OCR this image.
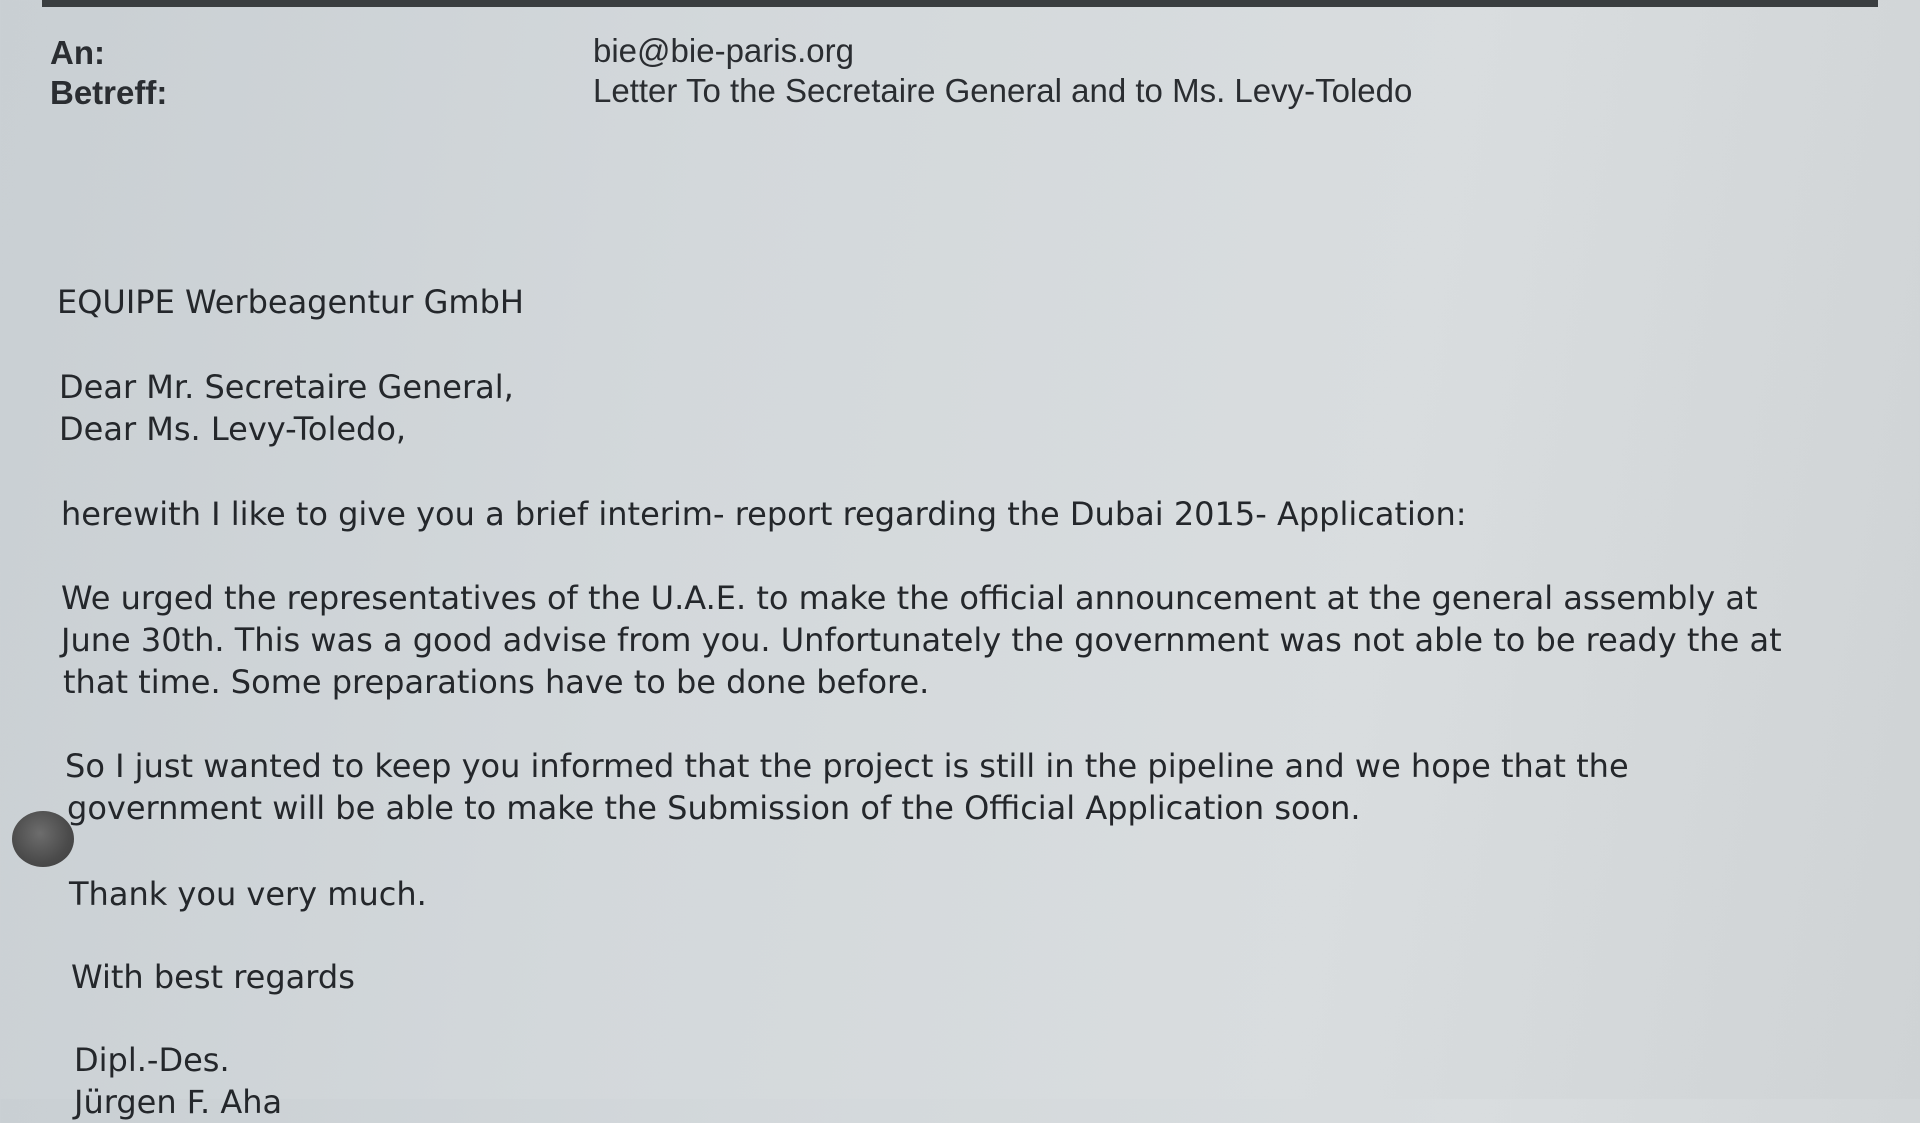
An:	bie@bie-paris.org
Betreff:	Letter To the Secretaire General and to Ms. Levy-Toledo
EQUIPE Werbeagentur GmbH
Dear Mr. Secretaire General,
Dear Ms. Levy-Toledo,
herewith I like to give you a brief interim- report regarding the Dubai 2015- Application:
We urged the representatives of the U.A.E. to make the official announcement at the general assembly at
June 30th. This was a good advise from you. Unfortunately the government was not able to be ready the at
that time. Some preparations have to be done before.
So I just wanted to keep you informed that the project is still in the pipeline and we hope that the
government will be able to make the Submission of the Official Application soon.
Thank you very much.
With best regards
Dipl.-Des.
Jürgen F. Aha
